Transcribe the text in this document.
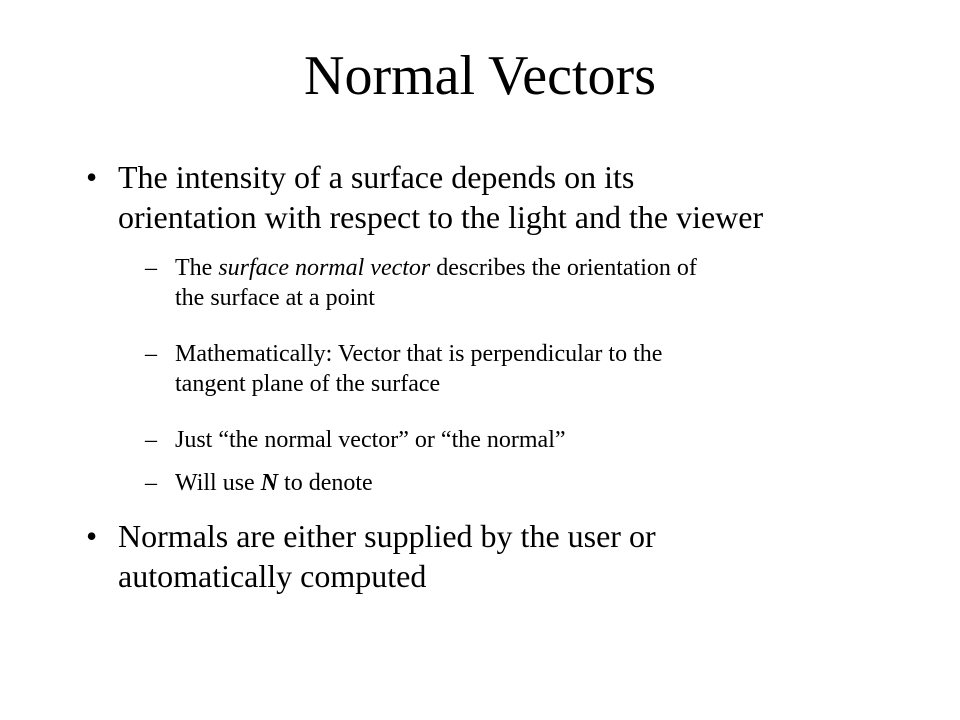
Normal Vectors
• The intensity of a surface depends on its
orientation with respect to the light and the viewer
– The surface normal vector describes the orientation of
the surface at a point
– Mathematically: Vector that is perpendicular to the
tangent plane of the surface
– Just “the normal vector” or “the normal”
– Will use N to denote
• Normals are either supplied by the user or
automatically computed
